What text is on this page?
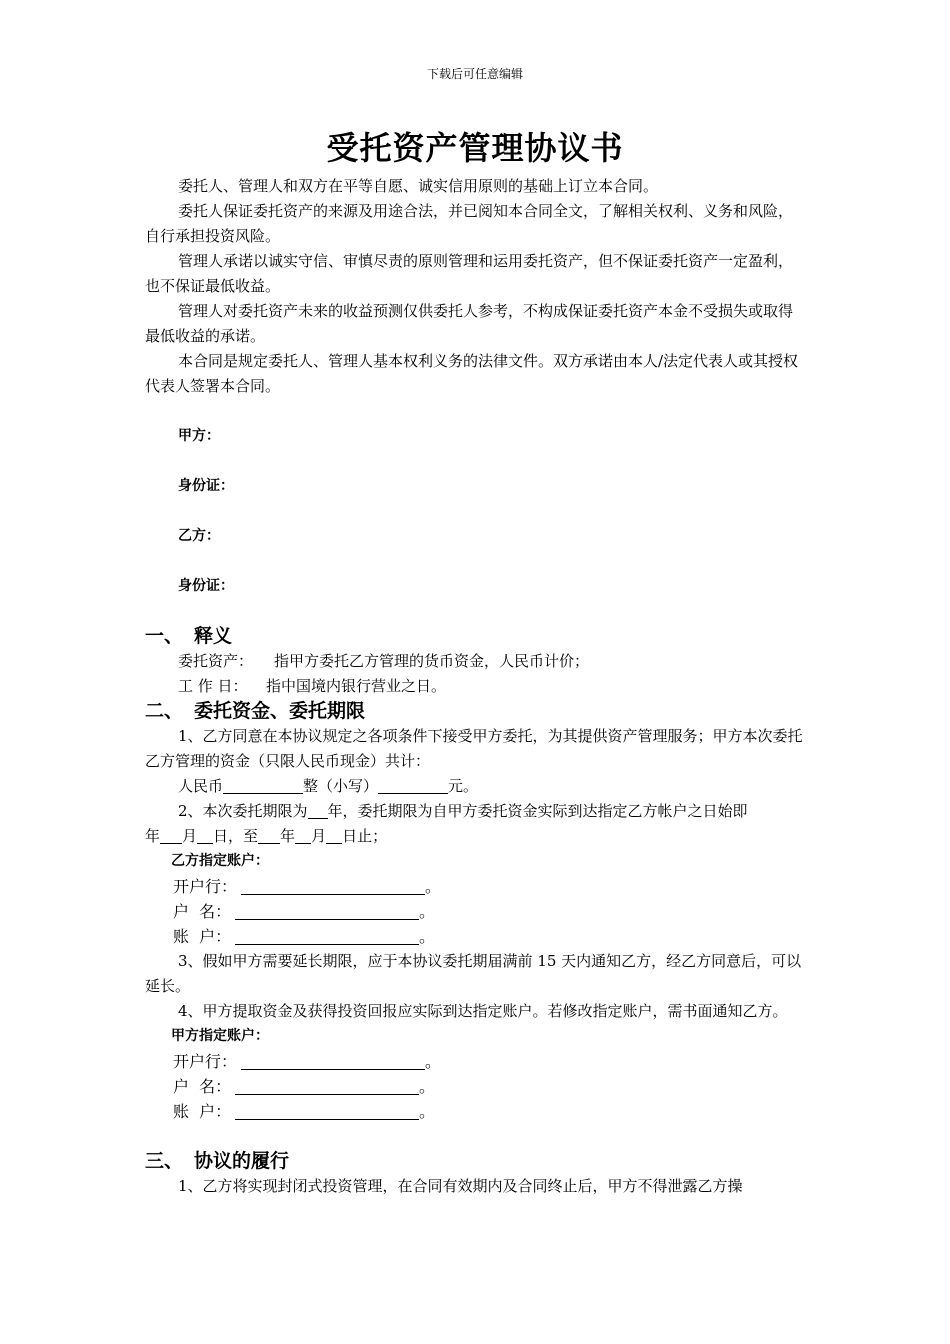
下载后可任意编辑
受托资产管理协议书

委托人、管理人和双方在平等自愿、诚实信用原则的基础上订立本合同。

委托人保证委托资产的来源及用途合法，并已阅知本合同全文，了解相关权利、义务和风险，自行承担投资风险。

管理人承诺以诚实守信、审慎尽责的原则管理和运用委托资产，但不保证委托资产一定盈利，也不保证最低收益。

管理人对委托资产未来的收益预测仅供委托人参考，不构成保证委托资产本金不受损失或取得最低收益的承诺。

本合同是规定委托人、管理人基本权利义务的法律文件。双方承诺由本人/法定代表人或其授权代表人签署本合同。

甲方：
身份证：
乙方：
身份证：
一、 释义

委托资产： 指甲方委托乙方管理的货币资金，人民币计价；

工 作 日： 指中国境内银行营业之日。

二、 委托资金、委托期限

1、乙方同意在本协议规定之各项条件下接受甲方委托，为其提供资产管理服务；甲方本次委托乙方管理的资金（只限人民币现金）共计：

人民币	整（小写）	元。

2、本次委托期限为 年，委托期限为自甲方委托资金实际到达指定乙方帐户之日始即

年 月 日，至 年 月 日止；

乙方指定账户：

开户行：	。

户  名：	。

账  户：	。

3、假如甲方需要延长期限，应于本协议委托期届满前 15 天内通知乙方，经乙方同意后，可以延长。

4、甲方提取资金及获得投资回报应实际到达指定账户。若修改指定账户，需书面通知乙方。

甲方指定账户：

开户行：	。

户  名：	。

账  户：	。

三、 协议的履行

1、乙方将实现封闭式投资管理，在合同有效期内及合同终止后，甲方不得泄露乙方操
